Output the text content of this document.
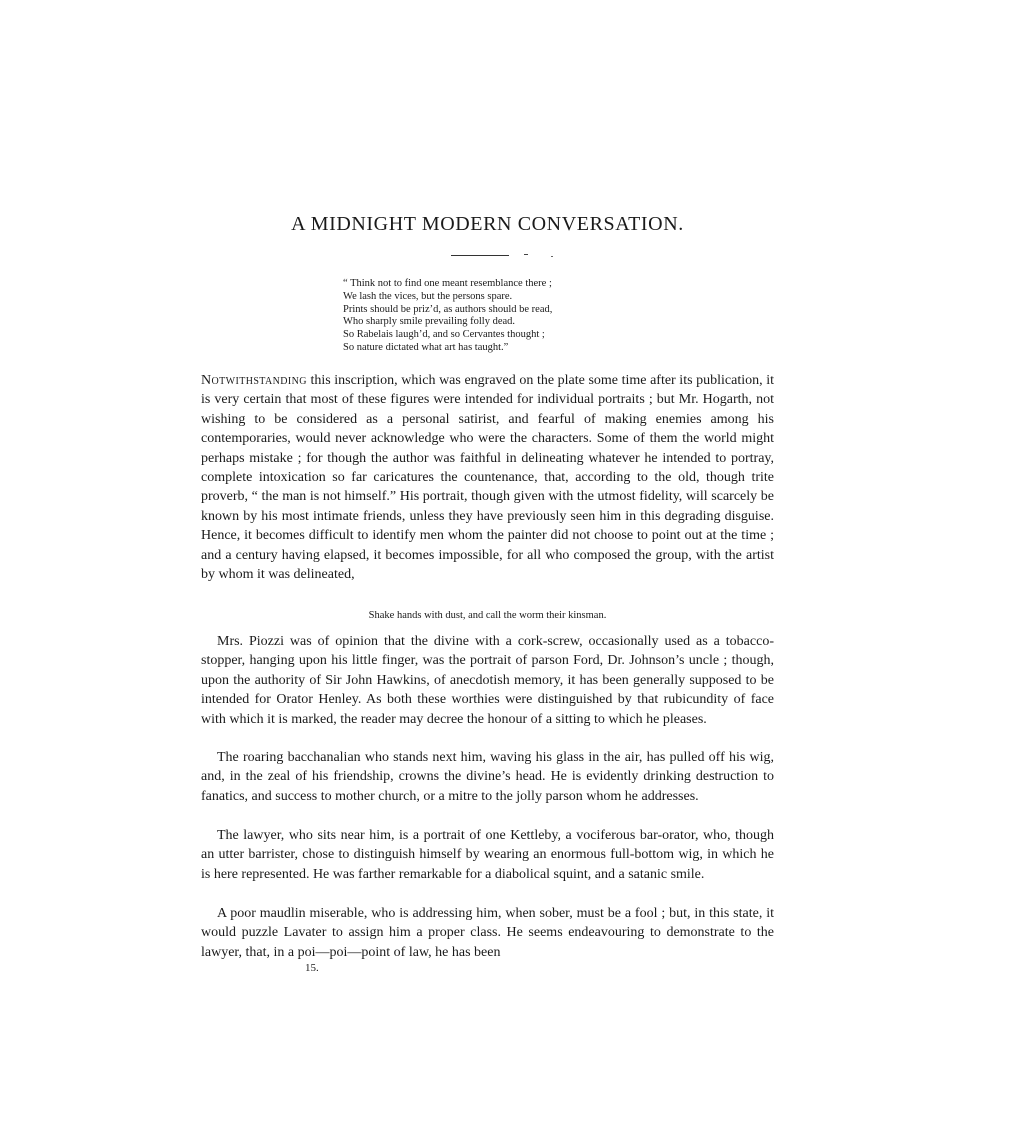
A MIDNIGHT MODERN CONVERSATION.
“ Think not to find one meant resemblance there ;
We lash the vices, but the persons spare.
Prints should be priz’d, as authors should be read,
Who sharply smile prevailing folly dead.
So Rabelais laugh’d, and so Cervantes thought ;
So nature dictated what art has taught.”

Notwithstanding this inscription, which was engraved on the plate some time after its publication, it is very certain that most of these figures were intended for individual portraits ; but Mr. Hogarth, not wishing to be considered as a personal satirist, and fearful of making enemies among his contemporaries, would never acknowledge who were the characters. Some of them the world might perhaps mistake ; for though the author was faithful in delineating whatever he intended to portray, complete intoxication so far caricatures the countenance, that, according to the old, though trite proverb, “ the man is not himself.” His portrait, though given with the utmost fidelity, will scarcely be known by his most intimate friends, unless they have previously seen him in this degrading disguise. Hence, it becomes difficult to identify men whom the painter did not choose to point out at the time ; and a century having elapsed, it becomes impossible, for all who composed the group, with the artist by whom it was delineated,

Shake hands with dust, and call the worm their kinsman.

Mrs. Piozzi was of opinion that the divine with a cork-screw, occasionally used as a tobacco-stopper, hanging upon his little finger, was the portrait of parson Ford, Dr. Johnson’s uncle ; though, upon the authority of Sir John Hawkins, of anecdotish memory, it has been generally supposed to be intended for Orator Henley. As both these worthies were distinguished by that rubicundity of face with which it is marked, the reader may decree the honour of a sitting to which he pleases.

The roaring bacchanalian who stands next him, waving his glass in the air, has pulled off his wig, and, in the zeal of his friendship, crowns the divine’s head. He is evidently drinking destruction to fanatics, and success to mother church, or a mitre to the jolly parson whom he addresses.

The lawyer, who sits near him, is a portrait of one Kettleby, a vociferous bar-orator, who, though an utter barrister, chose to distinguish himself by wearing an enormous full-bottom wig, in which he is here represented. He was farther remarkable for a diabolical squint, and a satanic smile.

A poor maudlin miserable, who is addressing him, when sober, must be a fool ; but, in this state, it would puzzle Lavater to assign him a proper class. He seems endeavouring to demonstrate to the lawyer, that, in a poi—poi—point of law, he has been

15.
